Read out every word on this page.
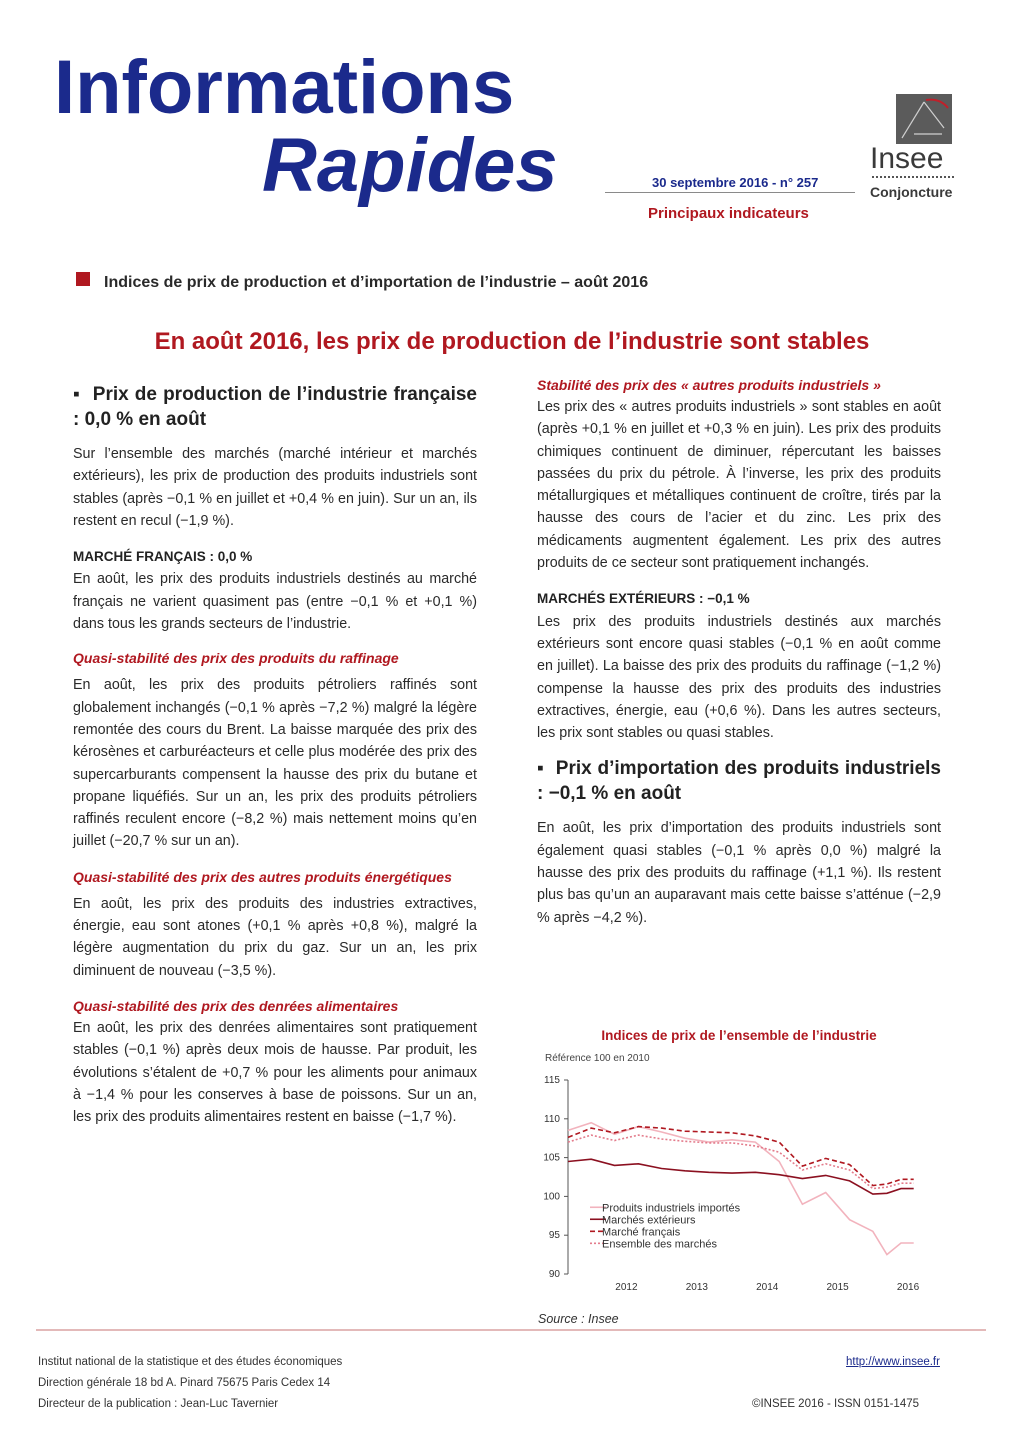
Informations
Rapides	30 septembre 2016 - n° 257
Principaux indicateurs
Insee
Conjoncture
Indices de prix de production et d’importation de l’industrie – août 2016
En août 2016, les prix de production de l’industrie sont stables
▪  Prix de production de l’industrie française : 0,0 % en août

Sur l’ensemble des marchés (marché intérieur et marchés extérieurs), les prix de production des produits industriels sont stables (après −0,1 % en juillet et +0,4 % en juin). Sur un an, ils restent en recul (−1,9 %).

MARCHÉ FRANÇAIS : 0,0 %

En août, les prix des produits industriels destinés au marché français ne varient quasiment pas (entre −0,1 % et +0,1 %) dans tous les grands secteurs de l’industrie.

Quasi-stabilité des prix des produits du raffinage

En août, les prix des produits pétroliers raffinés sont globalement inchangés (−0,1 % après −7,2 %) malgré la légère remontée des cours du Brent. La baisse marquée des prix des kérosènes et carburéacteurs et celle plus modérée des prix des supercarburants compensent la hausse des prix du butane et propane liquéfiés. Sur un an, les prix des produits pétroliers raffinés reculent encore (−8,2 %) mais nettement moins qu’en juillet (−20,7 % sur un an).

Quasi-stabilité des prix des autres produits énergétiques

En août, les prix des produits des industries extractives, énergie, eau sont atones (+0,1 % après +0,8 %), malgré la légère augmentation du prix du gaz. Sur un an, les prix diminuent de nouveau (−3,5 %).

Quasi-stabilité des prix des denrées alimentaires

En août, les prix des denrées alimentaires sont pratiquement stables (−0,1 %) après deux mois de hausse. Par produit, les évolutions s’étalent de +0,7 % pour les aliments pour animaux à −1,4 % pour les conserves à base de poissons. Sur un an, les prix des produits alimentaires restent en baisse (−1,7 %).

Stabilité des prix des « autres produits industriels »

Les prix des « autres produits industriels » sont stables en août (après +0,1 % en juillet et +0,3 % en juin). Les prix des produits chimiques continuent de diminuer, répercutant les baisses passées du prix du pétrole. À l’inverse, les prix des produits métallurgiques et métalliques continuent de croître, tirés par la hausse des cours de l’acier et du zinc. Les prix des médicaments augmentent également. Les prix des autres produits de ce secteur sont pratiquement inchangés.

MARCHÉS EXTÉRIEURS : −0,1 %

Les prix des produits industriels destinés aux marchés extérieurs sont encore quasi stables (−0,1 % en août comme en juillet). La baisse des prix des produits du raffinage (−1,2 %) compense la hausse des prix des produits des industries extractives, énergie, eau (+0,6 %). Dans les autres secteurs, les prix sont stables ou quasi stables.

▪  Prix d’importation des produits industriels : −0,1 % en août

En août, les prix d’importation des produits industriels sont également quasi stables (−0,1 % après 0,0 %) malgré la hausse des prix des produits du raffinage (+1,1 %). Ils restent plus bas qu’un an auparavant mais cette baisse s’atténue (−2,9 % après −4,2 %).

Indices de prix de l’ensemble de l’industrie
Référence 100 en 2010
90
95
100
105
110
115
2012	2013	2014	2015	2016
Produits industriels importés
Marchés extérieurs
Marché français
Ensemble des marchés
Source : Insee
Institut national de la statistique et des études économiques
Direction générale 18 bd A. Pinard 75675 Paris Cedex 14
Directeur de la publication : Jean-Luc Tavernier
http://www.insee.fr
©INSEE 2016 - ISSN 0151-1475
